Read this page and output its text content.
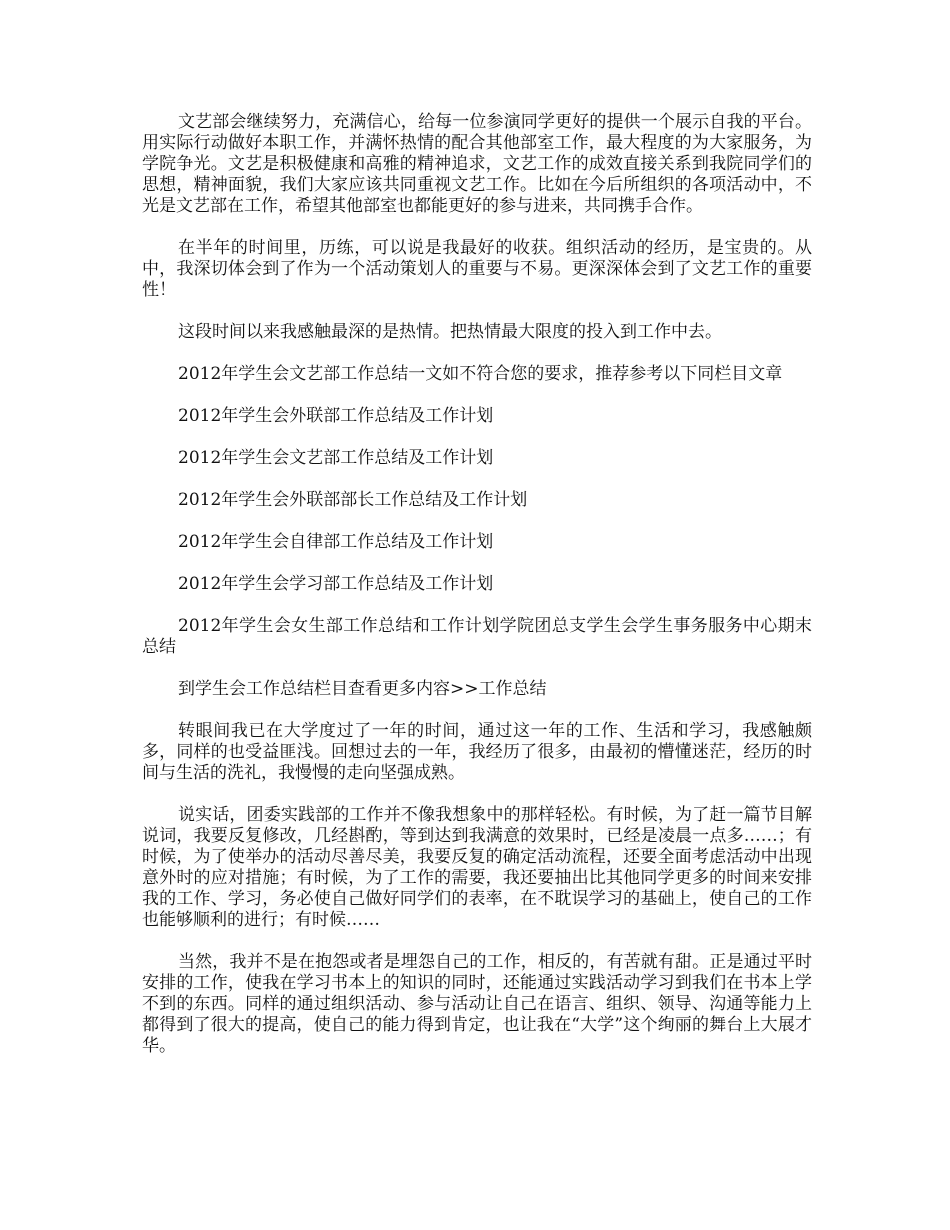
文艺部会继续努力，充满信心，给每一位参演同学更好的提供一个展示自我的平台。用实际行动做好本职工作，并满怀热情的配合其他部室工作，最大程度的为大家服务，为学院争光。文艺是积极健康和高雅的精神追求，文艺工作的成效直接关系到我院同学们的思想，精神面貌，我们大家应该共同重视文艺工作。比如在今后所组织的各项活动中，不光是文艺部在工作，希望其他部室也都能更好的参与进来，共同携手合作。

在半年的时间里，历练，可以说是我最好的收获。组织活动的经历，是宝贵的。从中，我深切体会到了作为一个活动策划人的重要与不易。更深深体会到了文艺工作的重要性！

这段时间以来我感触最深的是热情。把热情最大限度的投入到工作中去。

2012年学生会文艺部工作总结一文如不符合您的要求，推荐参考以下同栏目文章

2012年学生会外联部工作总结及工作计划

2012年学生会文艺部工作总结及工作计划

2012年学生会外联部部长工作总结及工作计划

2012年学生会自律部工作总结及工作计划

2012年学生会学习部工作总结及工作计划

2012年学生会女生部工作总结和工作计划学院团总支学生会学生事务服务中心期末总结

到学生会工作总结栏目查看更多内容>>工作总结

转眼间我已在大学度过了一年的时间，通过这一年的工作、生活和学习，我感触颇多，同样的也受益匪浅。回想过去的一年，我经历了很多，由最初的懵懂迷茫，经历的时间与生活的洗礼，我慢慢的走向坚强成熟。

说实话，团委实践部的工作并不像我想象中的那样轻松。有时候，为了赶一篇节目解说词，我要反复修改，几经斟酌，等到达到我满意的效果时，已经是凌晨一点多……；有时候，为了使举办的活动尽善尽美，我要反复的确定活动流程，还要全面考虑活动中出现意外时的应对措施；有时候，为了工作的需要，我还要抽出比其他同学更多的时间来安排我的工作、学习，务必使自己做好同学们的表率，在不耽误学习的基础上，使自己的工作也能够顺利的进行；有时候……

当然，我并不是在抱怨或者是埋怨自己的工作，相反的，有苦就有甜。正是通过平时安排的工作，使我在学习书本上的知识的同时，还能通过实践活动学习到我们在书本上学不到的东西。同样的通过组织活动、参与活动让自己在语言、组织、领导、沟通等能力上都得到了很大的提高，使自己的能力得到肯定，也让我在“大学”这个绚丽的舞台上大展才华。
